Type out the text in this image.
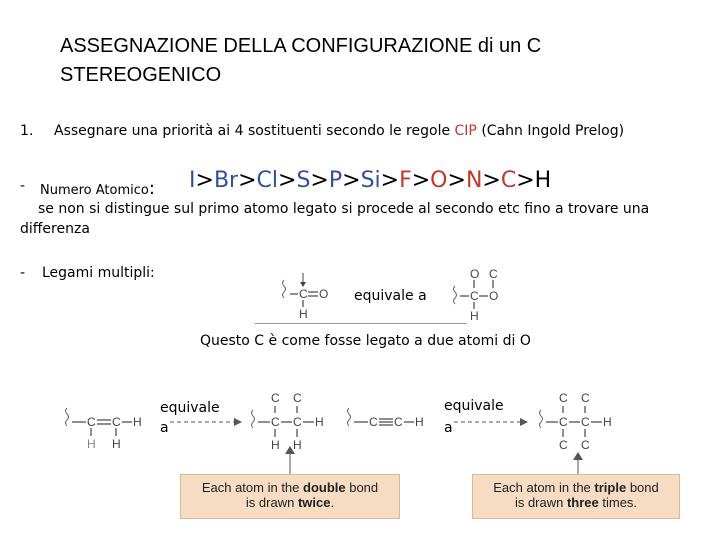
ASSEGNAZIONE DELLA CONFIGURAZIONE di un C STEREOGENICO
1. Assegnare una priorità ai 4 sostituenti secondo le regole CIP (Cahn Ingold Prelog)
- Numero Atomico: I>Br>Cl>S>P>Si>F>O>N>C>H
se non si distingue sul primo atomo legato si procede al secondo etc fino a trovare una
differenza
- Legami multipli:
C O
H
equivale a	C O
O C
H
Questo C è come fosse legato a due atomi di O
C C H
H H
equivale
a	C C H
C C
H H
C C H
equivale
a	C C H
C C
C C
Each atom in the double bond
is drawn twice.
Each atom in the triple bond
is drawn three times.
